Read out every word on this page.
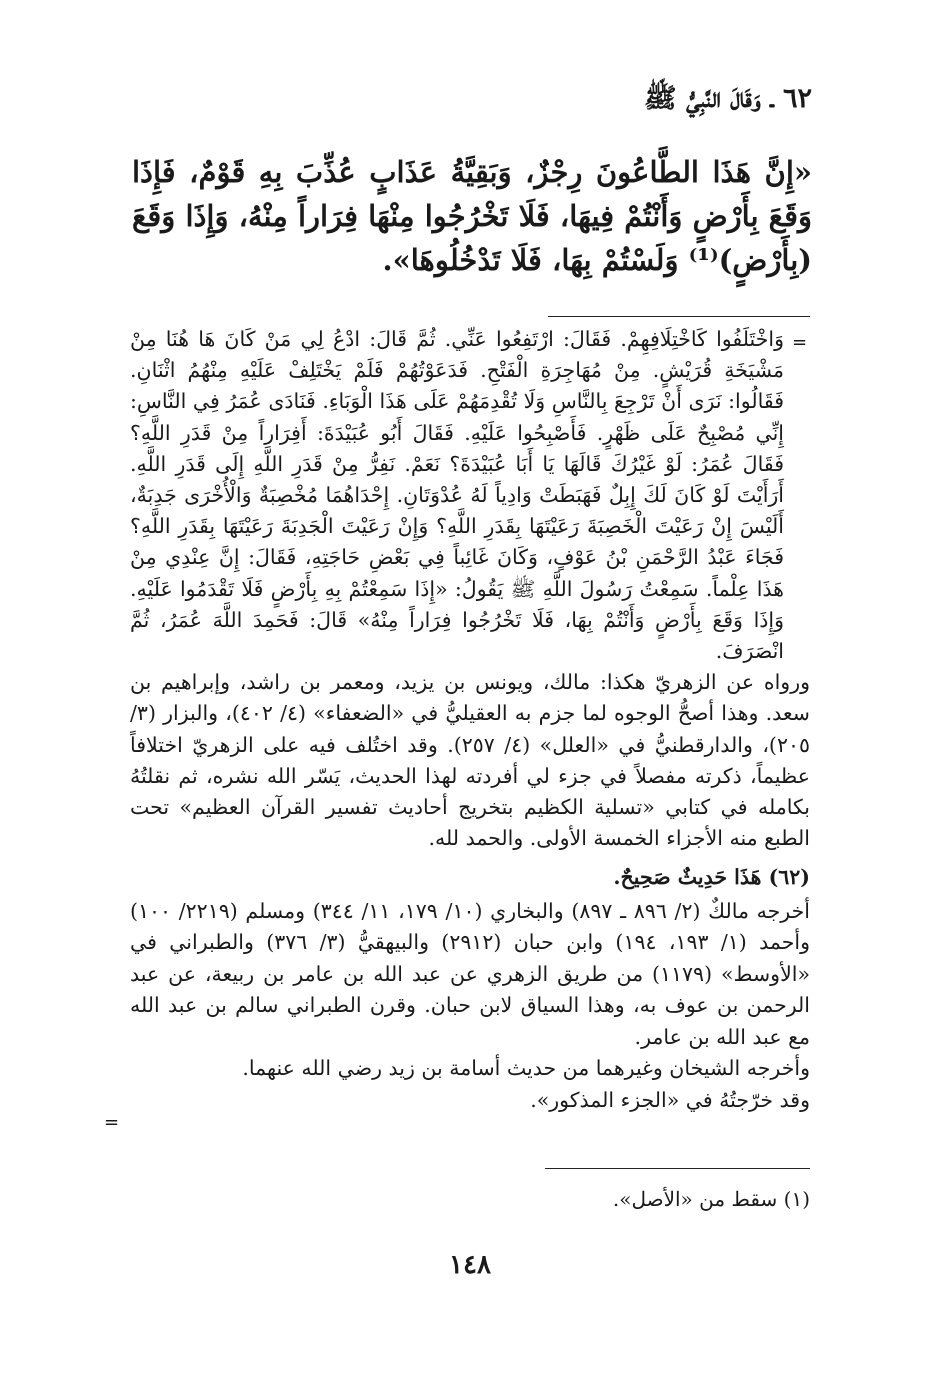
٦٢ ـ وَقَالَ النَّبِيُّ ﷺ
«إِنَّ هَذَا الطَّاعُونَ رِجْزٌ، وَبَقِيَّةُ عَذَابٍ عُذِّبَ بِهِ قَوْمٌ، فَإِذَا وَقَعَ بِأَرْضٍ وَأَنْتُمْ فِيهَا، فَلَا تَخْرُجُوا مِنْهَا فِرَاراً مِنْهُ، وَإِذَا وَقَعَ (بِأَرْضٍ)⁽¹⁾ وَلَسْتُمْ بِهَا، فَلَا تَدْخُلُوهَا».
=

وَاخْتَلَفُوا كَاخْتِلَافِهِمْ. فَقَالَ: ارْتَفِعُوا عَنِّي. ثُمَّ قَالَ: ادْعُ لِي مَنْ كَانَ هَا هُنَا مِنْ مَشْيَخَةِ قُرَيْشٍ. مِنْ مُهَاجِرَةِ الْفَتْحِ. فَدَعَوْتُهُمْ فَلَمْ يَخْتَلِفْ عَلَيْهِ مِنْهُمُ اثْنَانِ. فَقَالُوا: نَرَى أَنْ تَرْجِعَ بِالنَّاسِ وَلَا تُقْدِمَهُمْ عَلَى هَذَا الْوَبَاءِ. فَنَادَى عُمَرُ فِي النَّاسِ: إِنِّي مُصْبِحٌ عَلَى ظَهْرٍ. فَأَصْبِحُوا عَلَيْهِ. فَقَالَ أَبُو عُبَيْدَةَ: أَفِرَاراً مِنْ قَدَرِ اللَّهِ؟ فَقَالَ عُمَرُ: لَوْ غَيْرُكَ قَالَهَا يَا أَبَا عُبَيْدَةَ؟ نَعَمْ. نَفِرُّ مِنْ قَدَرِ اللَّهِ إِلَى قَدَرِ اللَّهِ. أَرَأَيْتَ لَوْ كَانَ لَكَ إِبِلٌ فَهَبَطَتْ وَادِياً لَهُ عُدْوَتَانِ. إِحْدَاهُمَا مُخْصِبَةٌ وَالْأُخْرَى جَدِبَةٌ، أَلَيْسَ إِنْ رَعَيْتَ الْخَصِبَةَ رَعَيْتَهَا بِقَدَرِ اللَّهِ؟ وَإِنْ رَعَيْتَ الْجَدِبَةَ رَعَيْتَهَا بِقَدَرِ اللَّهِ؟ فَجَاءَ عَبْدُ الرَّحْمَنِ بْنُ عَوْفٍ، وَكَانَ غَائِباً فِي بَعْضِ حَاجَتِهِ، فَقَالَ: إِنَّ عِنْدِي مِنْ هَذَا عِلْماً. سَمِعْتُ رَسُولَ اللَّهِ ﷺ يَقُولُ: «إِذَا سَمِعْتُمْ بِهِ بِأَرْضٍ فَلَا تَقْدَمُوا عَلَيْهِ. وَإِذَا وَقَعَ بِأَرْضٍ وَأَنْتُمْ بِهَا، فَلَا تَخْرُجُوا فِرَاراً مِنْهُ» قَالَ: فَحَمِدَ اللَّهَ عُمَرُ، ثُمَّ انْصَرَفَ.

ورواه عن الزهريّ هكذا: مالك، ويونس بن يزيد، ومعمر بن راشد، وإبراهيم بن سعد. وهذا أصحُّ الوجوه لما جزم به العقيليُّ في «الضعفاء» (٤/ ٤٠٢)، والبزار (٣/ ٢٠٥)، والدارقطنيُّ في «العلل» (٤/ ٢٥٧). وقد اختُلف فيه على الزهريّ اختلافاً عظيماً، ذكرته مفصلاً في جزء لي أفردته لهذا الحديث، يَسّر الله نشره، ثم نقلتُهُ بكامله في كتابي «تسلية الكظيم بتخريج أحاديث تفسير القرآن العظيم» تحت الطبع منه الأجزاء الخمسة الأولى. والحمد لله.

(٦٢) هَذَا حَدِيثٌ صَحِيحٌ.

أخرجه مالكٌ (٢/ ٨٩٦ ـ ٨٩٧) والبخاري (١٠/ ١٧٩، ١١/ ٣٤٤) ومسلم (٢٢١٩/ ١٠٠) وأحمد (١/ ١٩٣، ١٩٤) وابن حبان (٢٩١٢) والبيهقيُّ (٣/ ٣٧٦) والطبراني في «الأوسط» (١١٧٩) من طريق الزهري عن عبد الله بن عامر بن ربيعة، عن عبد الرحمن بن عوف به، وهذا السياق لابن حبان. وقرن الطبراني سالم بن عبد الله مع عبد الله بن عامر.

وأخرجه الشيخان وغيرهما من حديث أسامة بن زيد رضي الله عنهما.

وقد خرّجتُهُ في «الجزء المذكور».

=
(١) سقط من «الأصل».
١٤٨
